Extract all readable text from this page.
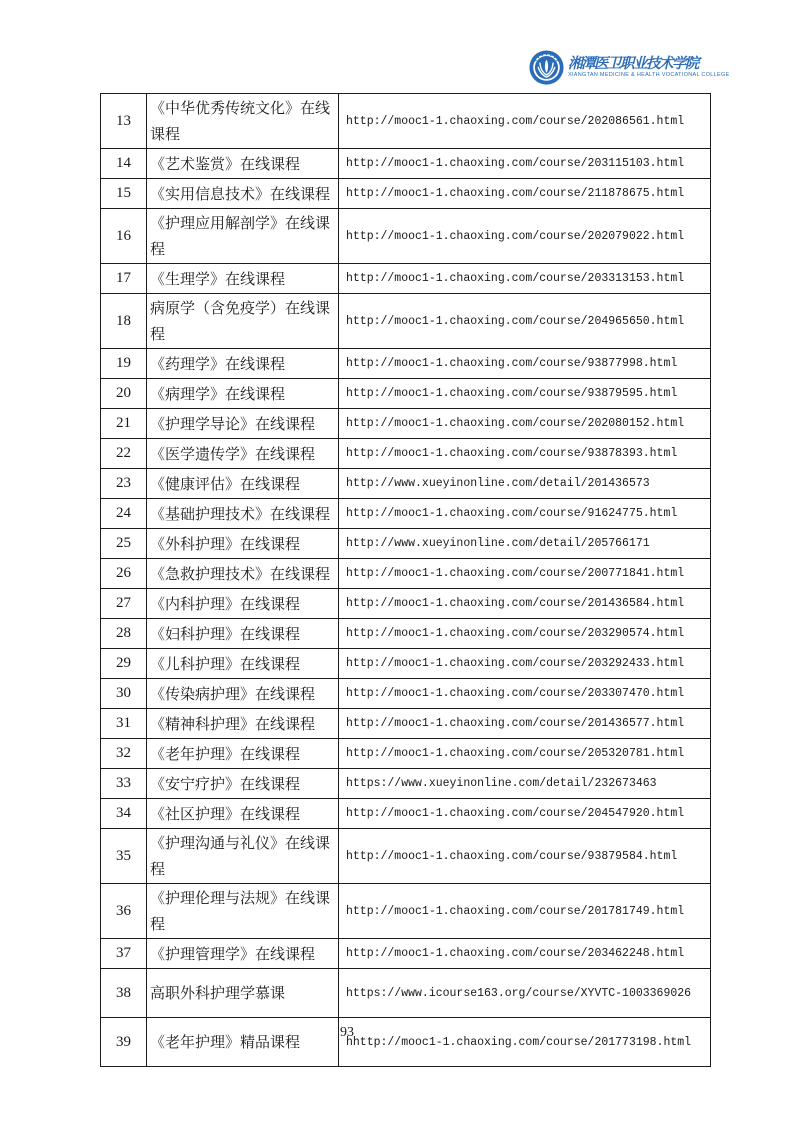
湘潭医卫职业技术学院
XIANGTAN MEDICINE & HEALTH VOCATIONAL COLLEGE
13	《中华优秀传统文化》在线课程	http://mooc1-1.chaoxing.com/course/202086561.html
14	《艺术鉴赏》在线课程	http://mooc1-1.chaoxing.com/course/203115103.html
15	《实用信息技术》在线课程	http://mooc1-1.chaoxing.com/course/211878675.html
16	《护理应用解剖学》在线课程	http://mooc1-1.chaoxing.com/course/202079022.html
17	《生理学》在线课程	http://mooc1-1.chaoxing.com/course/203313153.html
18	病原学（含免疫学）在线课程	http://mooc1-1.chaoxing.com/course/204965650.html
19	《药理学》在线课程	http://mooc1-1.chaoxing.com/course/93877998.html
20	《病理学》在线课程	http://mooc1-1.chaoxing.com/course/93879595.html
21	《护理学导论》在线课程	http://mooc1-1.chaoxing.com/course/202080152.html
22	《医学遗传学》在线课程	http://mooc1-1.chaoxing.com/course/93878393.html
23	《健康评估》在线课程	http://www.xueyinonline.com/detail/201436573
24	《基础护理技术》在线课程	http://mooc1-1.chaoxing.com/course/91624775.html
25	《外科护理》在线课程	http://www.xueyinonline.com/detail/205766171
26	《急救护理技术》在线课程	http://mooc1-1.chaoxing.com/course/200771841.html
27	《内科护理》在线课程	http://mooc1-1.chaoxing.com/course/201436584.html
28	《妇科护理》在线课程	http://mooc1-1.chaoxing.com/course/203290574.html
29	《儿科护理》在线课程	http://mooc1-1.chaoxing.com/course/203292433.html
30	《传染病护理》在线课程	http://mooc1-1.chaoxing.com/course/203307470.html
31	《精神科护理》在线课程	http://mooc1-1.chaoxing.com/course/201436577.html
32	《老年护理》在线课程	http://mooc1-1.chaoxing.com/course/205320781.html
33	《安宁疗护》在线课程	https://www.xueyinonline.com/detail/232673463
34	《社区护理》在线课程	http://mooc1-1.chaoxing.com/course/204547920.html
35	《护理沟通与礼仪》在线课程	http://mooc1-1.chaoxing.com/course/93879584.html
36	《护理伦理与法规》在线课程	http://mooc1-1.chaoxing.com/course/201781749.html
37	《护理管理学》在线课程	http://mooc1-1.chaoxing.com/course/203462248.html
38	高职外科护理学慕课	https://www.icourse163.org/course/XYVTC-1003369026
39	《老年护理》精品课程	hhttp://mooc1-1.chaoxing.com/course/201773198.html
93
